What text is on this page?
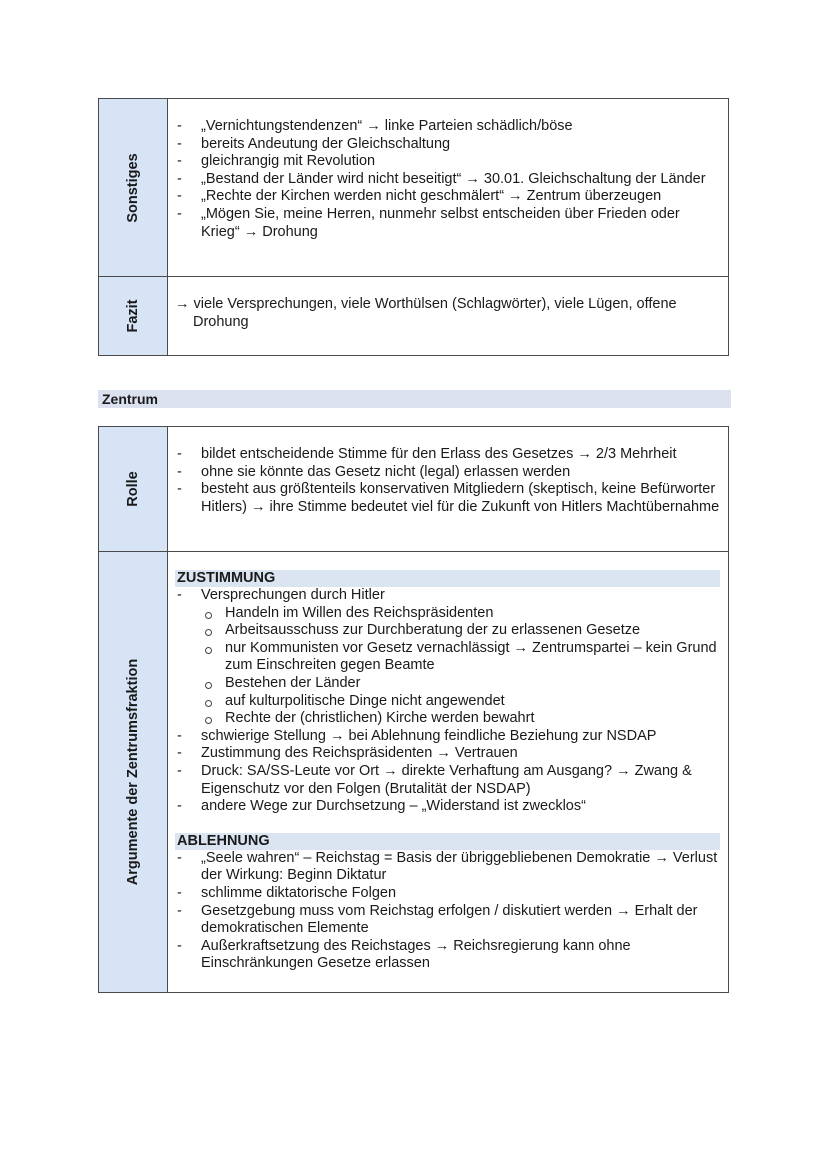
Sonstiges
- „Vernichtungstendenzen“ → linke Parteien schädlich/böse
- bereits Andeutung der Gleichschaltung
- gleichrangig mit Revolution
- „Bestand der Länder wird nicht beseitigt“ → 30.01. Gleichschaltung der Länder
- „Rechte der Kirchen werden nicht geschmälert“ → Zentrum überzeugen
- „Mögen Sie, meine Herren, nunmehr selbst entscheiden über Frieden oder Krieg“ → Drohung
Fazit → viele Versprechungen, viele Worthülsen (Schlagwörter), viele Lügen, offene Drohung
Zentrum
Rolle
- bildet entscheidende Stimme für den Erlass des Gesetzes → 2/3 Mehrheit
- ohne sie könnte das Gesetz nicht (legal) erlassen werden
- besteht aus größtenteils konservativen Mitgliedern (skeptisch, keine Befürworter Hitlers) → ihre Stimme bedeutet viel für die Zukunft von Hitlers Machtübernahme
Argumente der Zentrumsfraktion
ZUSTIMMUNG
- Versprechungen durch Hitler
Handeln im Willen des Reichspräsidenten
Arbeitsausschuss zur Durchberatung der zu erlassenen Gesetze
nur Kommunisten vor Gesetz vernachlässigt → Zentrumspartei – kein Grund zum Einschreiten gegen Beamte
Bestehen der Länder
auf kulturpolitische Dinge nicht angewendet
Rechte der (christlichen) Kirche werden bewahrt
- schwierige Stellung → bei Ablehnung feindliche Beziehung zur NSDAP
- Zustimmung des Reichspräsidenten → Vertrauen
- Druck: SA/SS-Leute vor Ort → direkte Verhaftung am Ausgang? → Zwang & Eigenschutz vor den Folgen (Brutalität der NSDAP)
- andere Wege zur Durchsetzung – „Widerstand ist zwecklos“
ABLEHNUNG
- „Seele wahren“ – Reichstag = Basis der übriggebliebenen Demokratie → Verlust der Wirkung: Beginn Diktatur
- schlimme diktatorische Folgen
- Gesetzgebung muss vom Reichstag erfolgen / diskutiert werden → Erhalt der demokratischen Elemente
- Außerkraftsetzung des Reichstages → Reichsregierung kann ohne Einschränkungen Gesetze erlassen
